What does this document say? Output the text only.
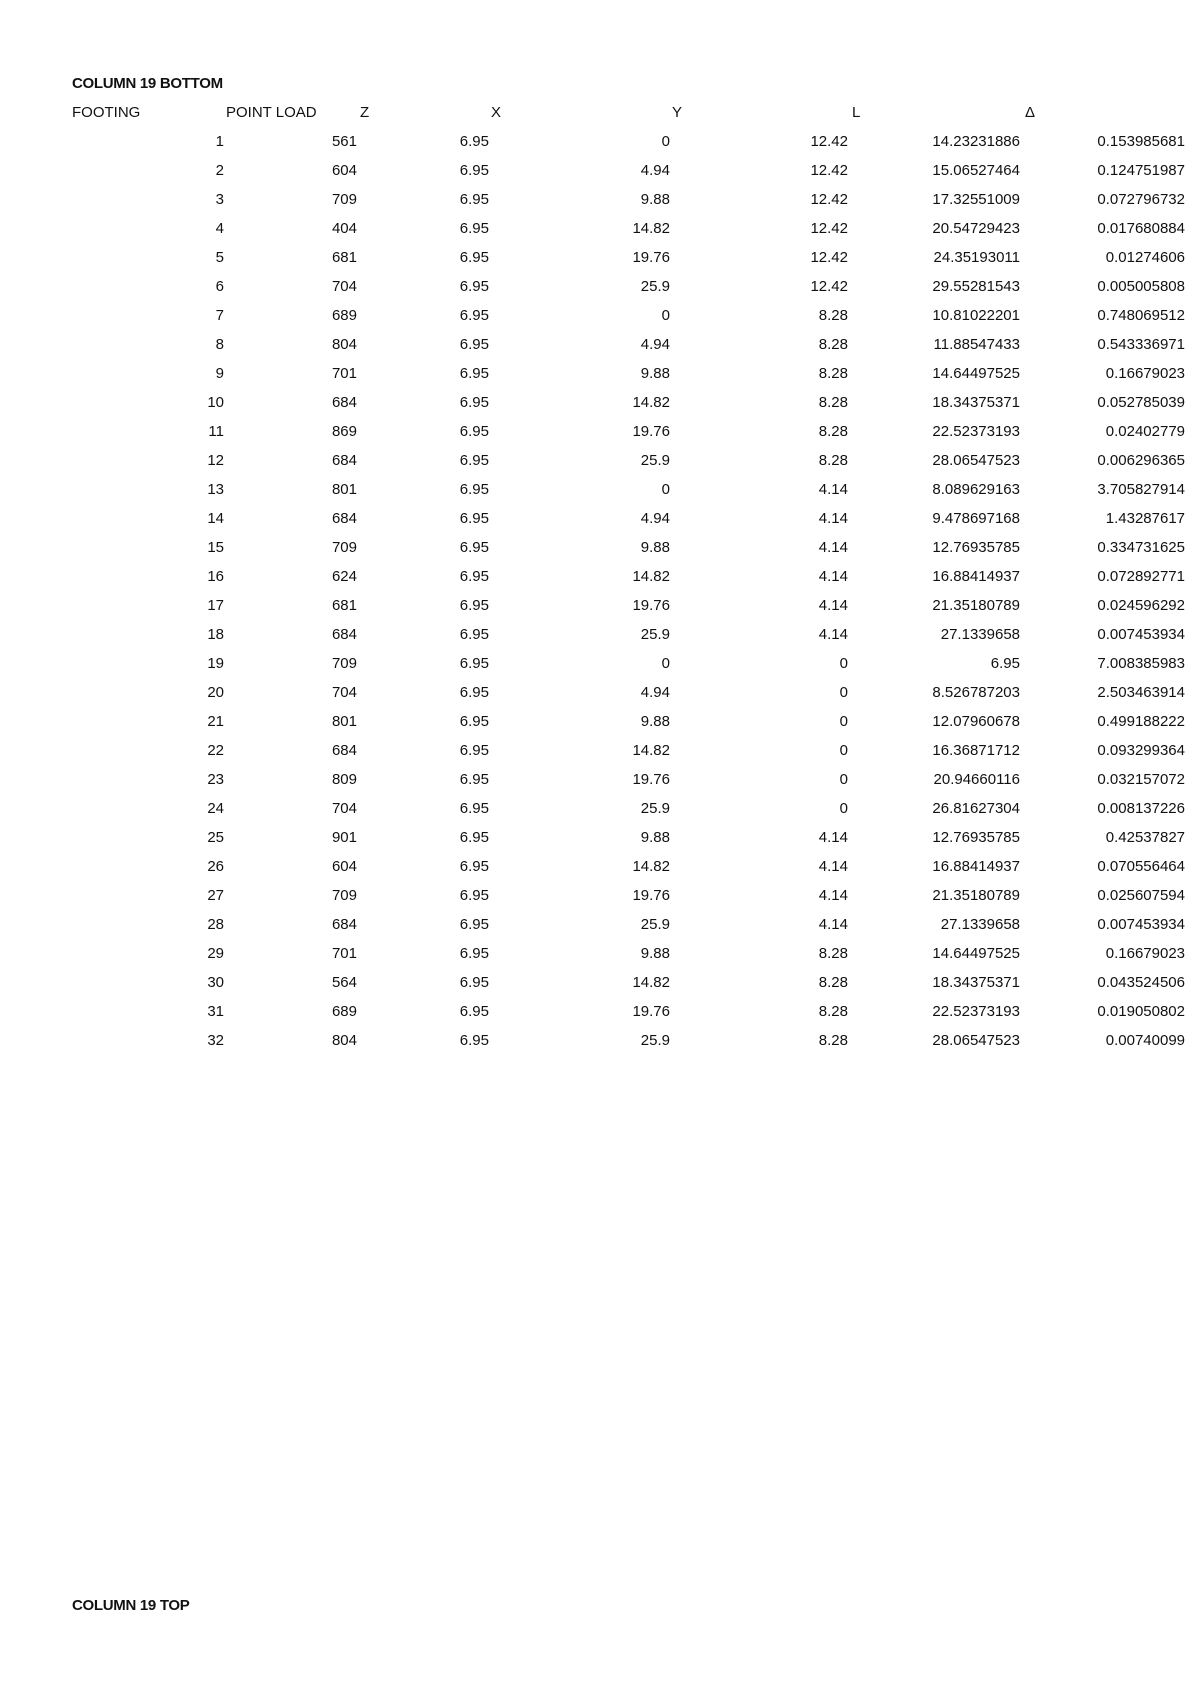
COLUMN 19 BOTTOM
FOOTING	POINT LOAD	Z	X	Y	L	Δ
1	561	6.95	0	12.42	14.23231886	0.153985681
2	604	6.95	4.94	12.42	15.06527464	0.124751987
3	709	6.95	9.88	12.42	17.32551009	0.072796732
4	404	6.95	14.82	12.42	20.54729423	0.017680884
5	681	6.95	19.76	12.42	24.35193011	0.01274606
6	704	6.95	25.9	12.42	29.55281543	0.005005808
7	689	6.95	0	8.28	10.81022201	0.748069512
8	804	6.95	4.94	8.28	11.88547433	0.543336971
9	701	6.95	9.88	8.28	14.64497525	0.16679023
10	684	6.95	14.82	8.28	18.34375371	0.052785039
11	869	6.95	19.76	8.28	22.52373193	0.02402779
12	684	6.95	25.9	8.28	28.06547523	0.006296365
13	801	6.95	0	4.14	8.089629163	3.705827914
14	684	6.95	4.94	4.14	9.478697168	1.43287617
15	709	6.95	9.88	4.14	12.76935785	0.334731625
16	624	6.95	14.82	4.14	16.88414937	0.072892771
17	681	6.95	19.76	4.14	21.35180789	0.024596292
18	684	6.95	25.9	4.14	27.1339658	0.007453934
19	709	6.95	0	0	6.95	7.008385983
20	704	6.95	4.94	0	8.526787203	2.503463914
21	801	6.95	9.88	0	12.07960678	0.499188222
22	684	6.95	14.82	0	16.36871712	0.093299364
23	809	6.95	19.76	0	20.94660116	0.032157072
24	704	6.95	25.9	0	26.81627304	0.008137226
25	901	6.95	9.88	4.14	12.76935785	0.42537827
26	604	6.95	14.82	4.14	16.88414937	0.070556464
27	709	6.95	19.76	4.14	21.35180789	0.025607594
28	684	6.95	25.9	4.14	27.1339658	0.007453934
29	701	6.95	9.88	8.28	14.64497525	0.16679023
30	564	6.95	14.82	8.28	18.34375371	0.043524506
31	689	6.95	19.76	8.28	22.52373193	0.019050802
32	804	6.95	25.9	8.28	28.06547523	0.00740099
COLUMN 19 TOP
